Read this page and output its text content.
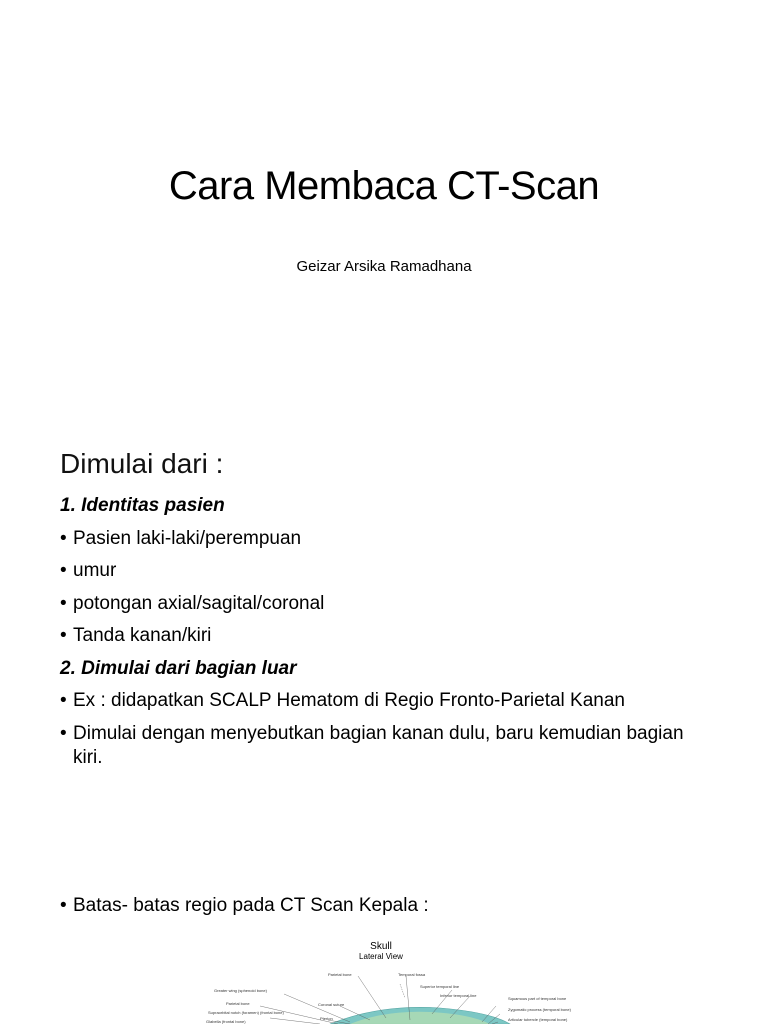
Cara Membaca CT-Scan
Geizar Arsika Ramadhana
Dimulai dari :
1. Identitas pasien
• Pasien laki-laki/perempuan
• umur
• potongan axial/sagital/coronal
• Tanda kanan/kiri
2. Dimulai dari bagian luar
• Ex : didapatkan SCALP Hematom di Regio Fronto-Parietal Kanan
• Dimulai dengan menyebutkan bagian kanan dulu, baru kemudian bagian kiri.
• Batas- batas regio pada CT Scan Kepala :
Skull
Lateral View
Parietal bone	Temporal fossa
Superior temporal line
Inferior temporal line
Greater wing (sphenoid bone)
Parietal bone
Supraorbital notch (foramen) (frontal bone)
Glabella (frontal bone)
Coronal suture
Pterion
Squamous part of temporal bone
Zygomatic process (temporal bone)
Articular tubercle (temporal bone)
